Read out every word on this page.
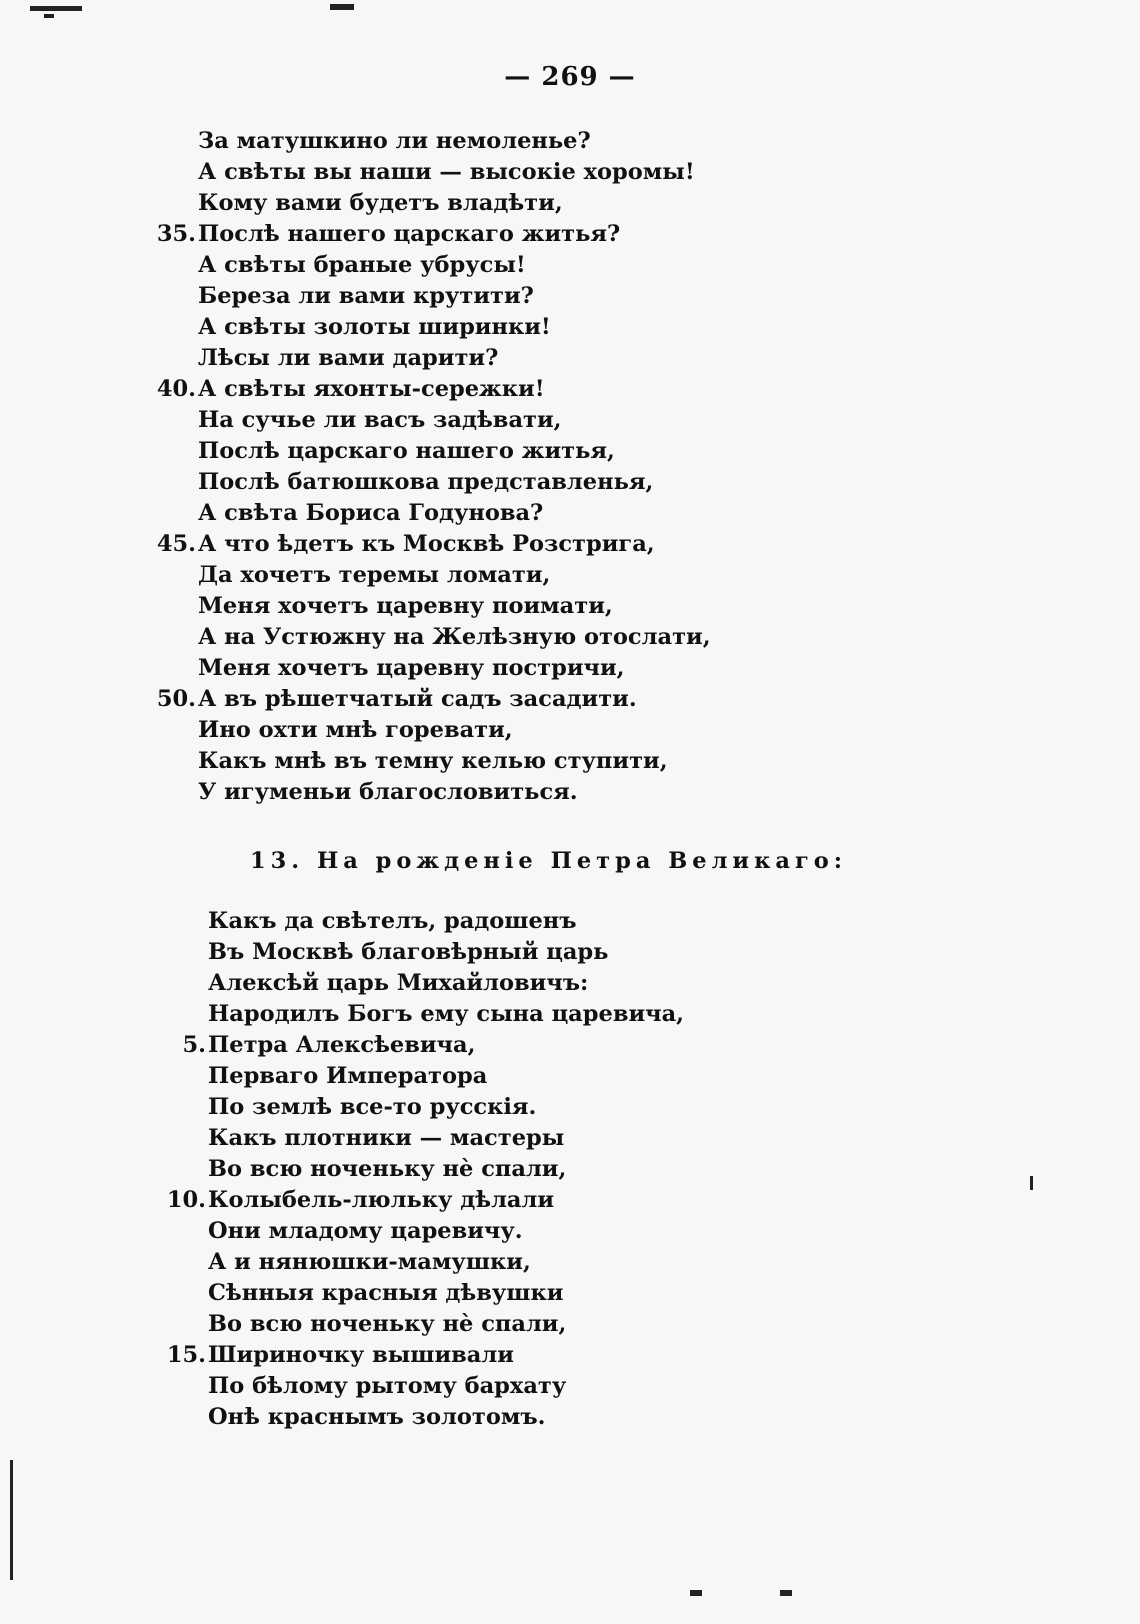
— 269 —
За матушкино ли немоленье?
А свѣты вы наши — высокіе хоромы!
Кому вами будетъ владѣти,
35. Послѣ нашего царскаго житья?
А свѣты браные убрусы!
Береза ли вами крутити?
А свѣты золоты ширинки!
Лѣсы ли вами дарити?
40. А свѣты яхонты-сережки!
На сучье ли васъ задѣвати,
Послѣ царскаго нашего житья,
Послѣ батюшкова представленья,
А свѣта Бориса Годунова?
45. А что ѣдетъ къ Москвѣ Розстрига,
Да хочетъ теремы ломати,
Меня хочетъ царевну поимати,
А на Устюжну на Желѣзную отослати,
Меня хочетъ царевну постричи,
50. А въ рѣшетчатый садъ засадити.
Ино охти мнѣ горевати,
Какъ мнѣ въ темну келью ступити,
У игуменьи благословиться.
13. На рожденіе Петра Великаго:
Какъ да свѣтелъ, радошенъ
Въ Москвѣ благовѣрный царь
Алексѣй царь Михайловичъ:
Народилъ Богъ ему сына царевича,
5. Петра Алексѣевича,
Перваго Императора
По землѣ все-то русскія.
Какъ плотники — мастеры
Во всю ноченьку нѐ спали,
10. Колыбель-люльку дѣлали
Они младому царевичу.
А и нянюшки-мамушки,
Сѣнныя красныя дѣвушки
Во всю ноченьку нѐ спали,
15. Шириночку вышивали
По бѣлому рытому бархату
Онѣ краснымъ золотомъ.
